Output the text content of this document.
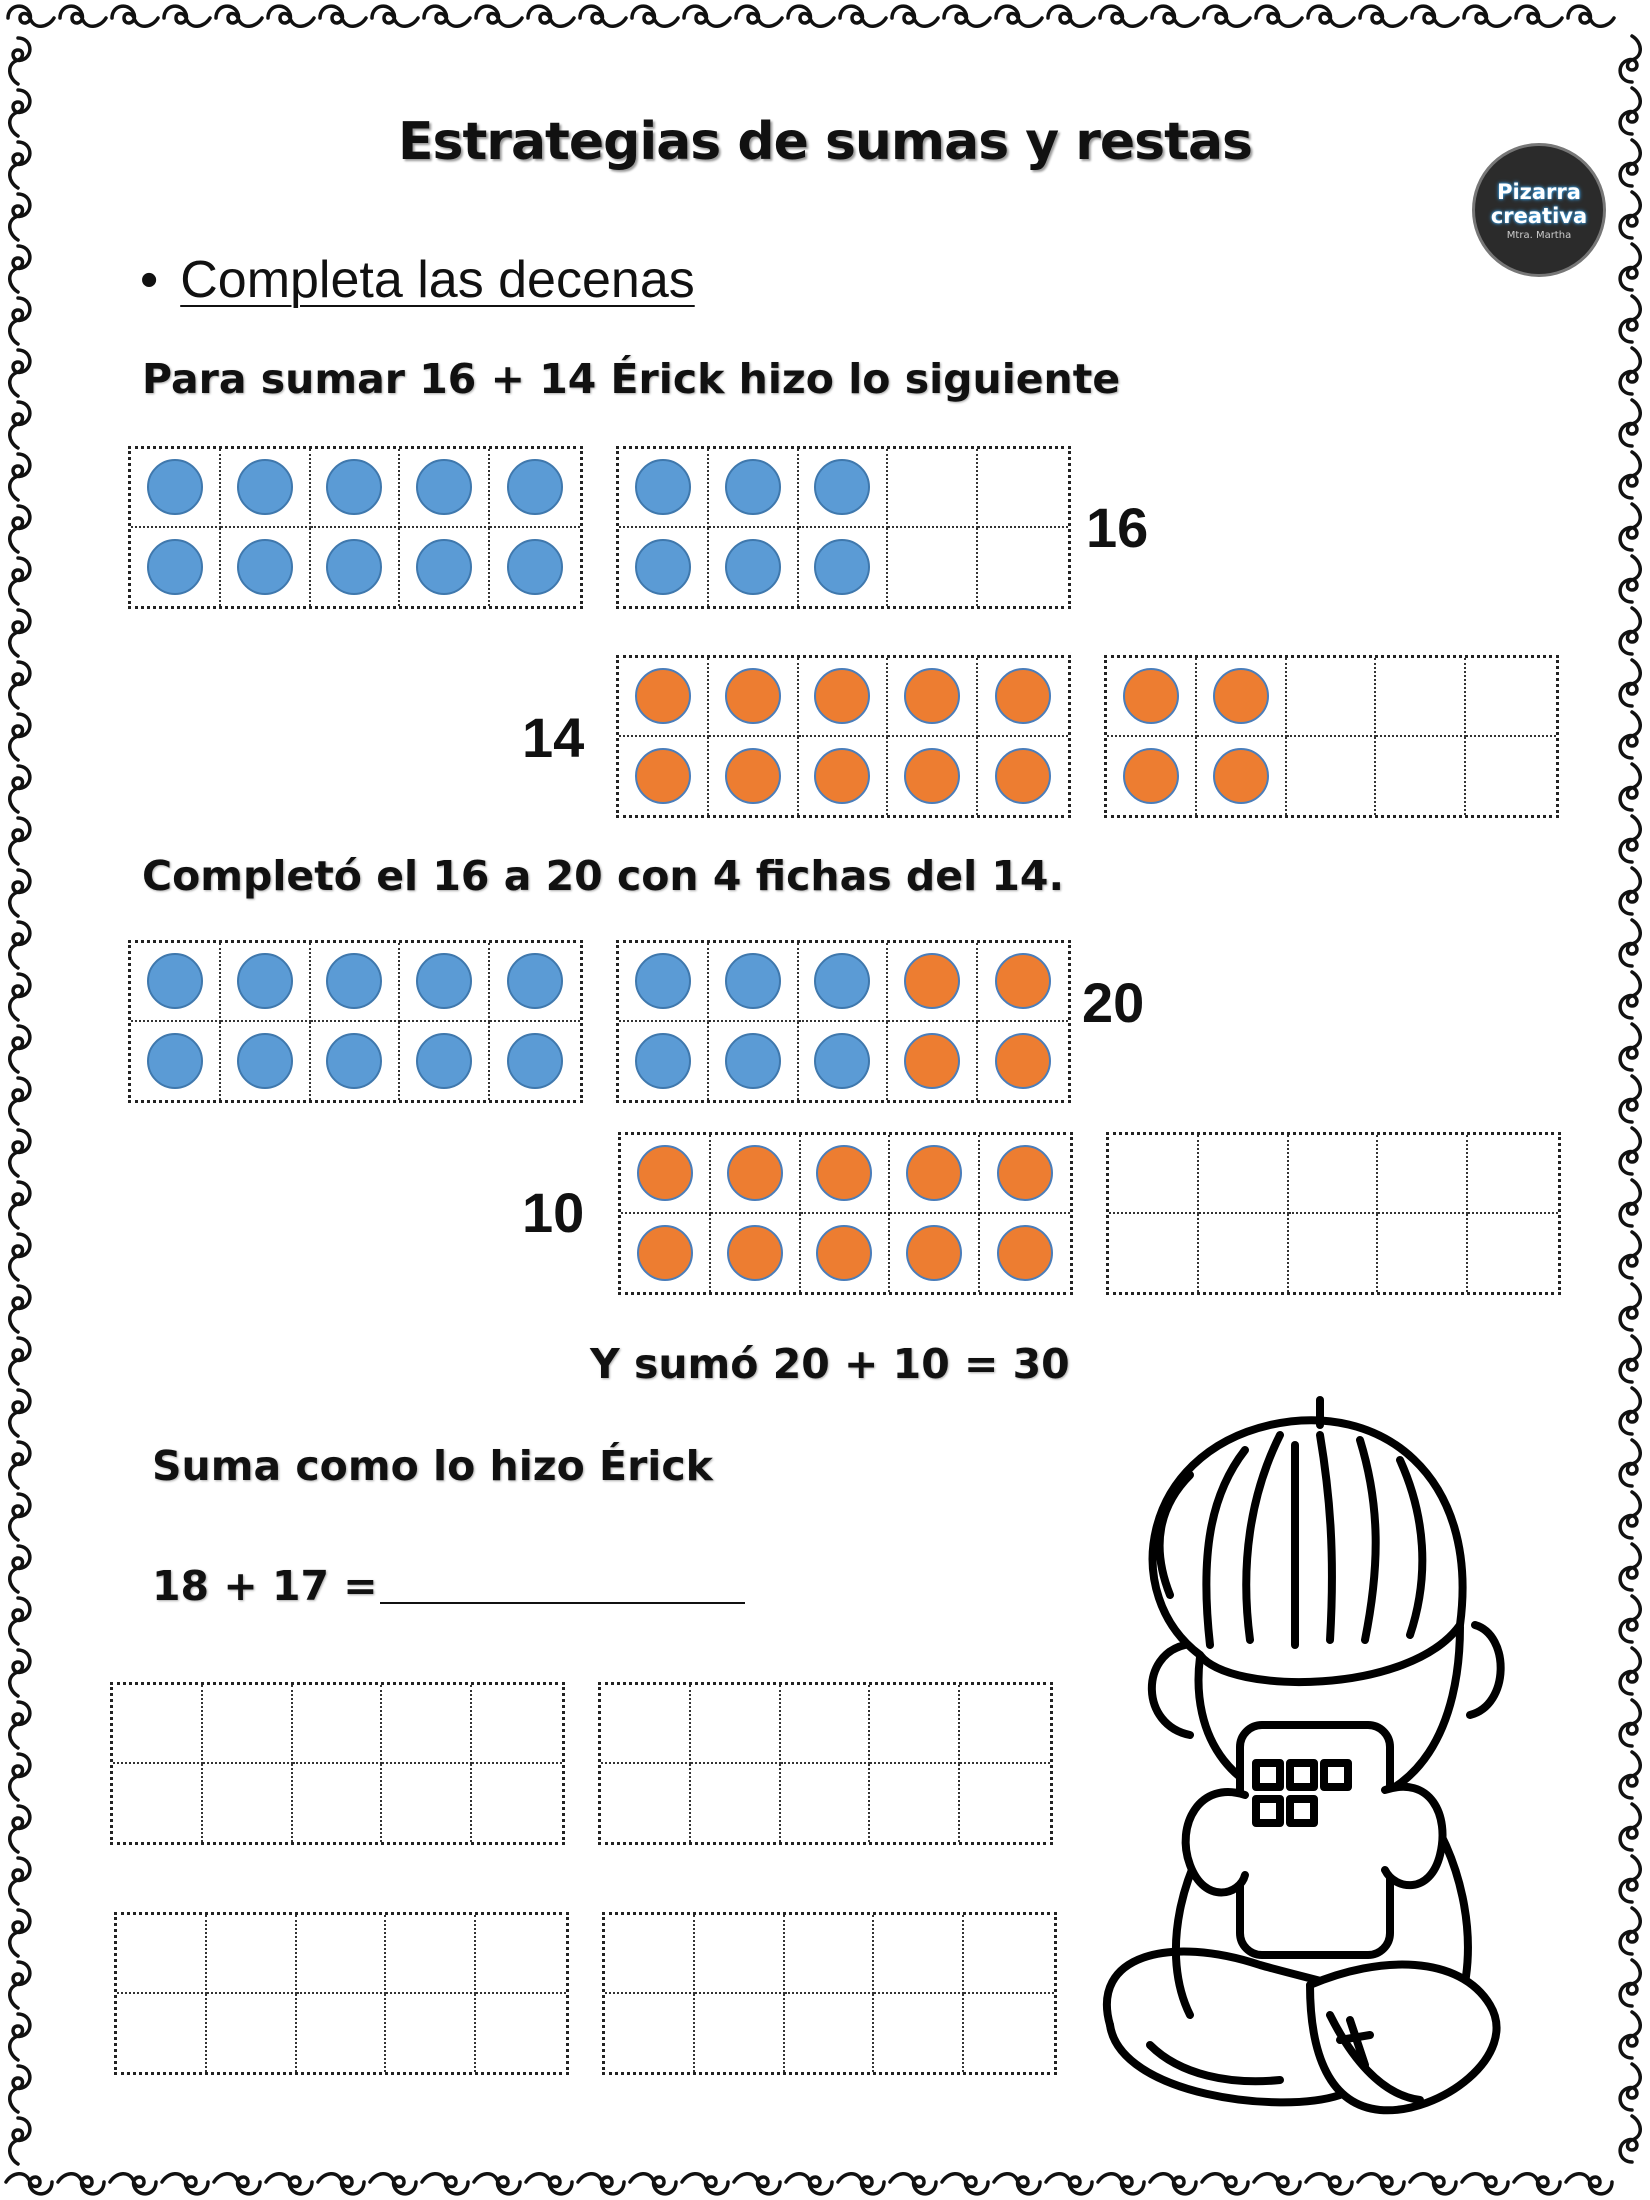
Estrategias de sumas y restas
Pizarra
creativa
Mtra. Martha
• Completa las decenas
Para sumar 16 + 14 Érick hizo lo siguiente
16
14
Completó el 16 a 20 con 4 fichas del 14.
20
10
Y sumó 20 + 10 = 30
Suma como lo hizo Érick
18 + 17 =
